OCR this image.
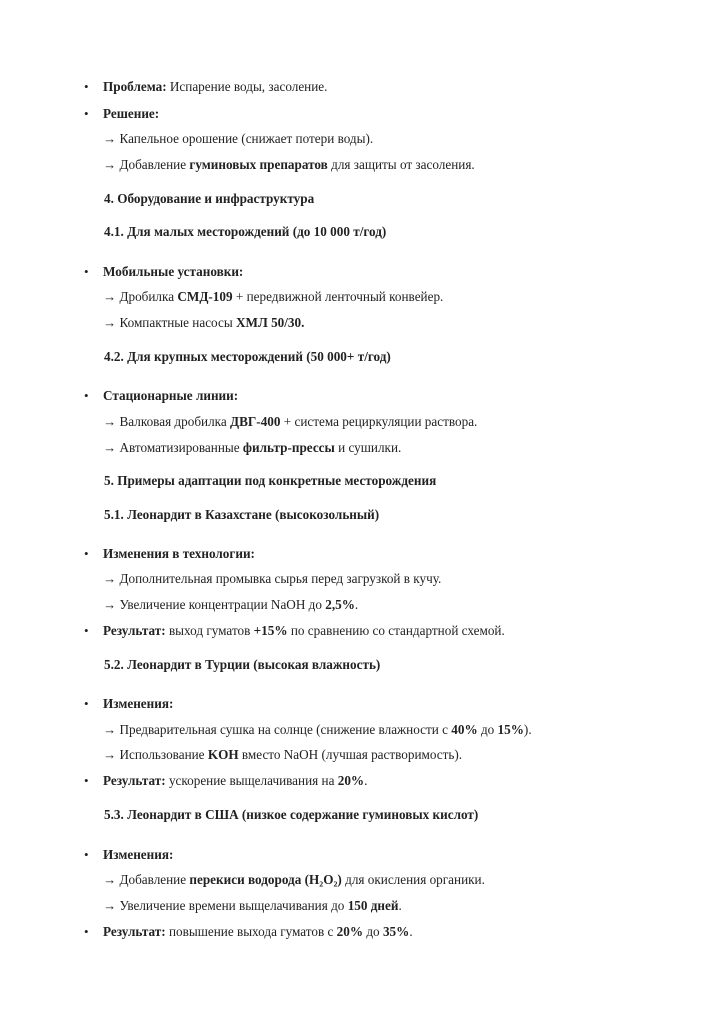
• Проблема: Испарение воды, засоление.
• Решение:
→ Капельное орошение (снижает потери воды).
→ Добавление гуминовых препаратов для защиты от засоления.
4. Оборудование и инфраструктура
4.1. Для малых месторождений (до 10 000 т/год)
• Мобильные установки:
→ Дробилка СМД-109 + передвижной ленточный конвейер.
→ Компактные насосы ХМЛ 50/30.
4.2. Для крупных месторождений (50 000+ т/год)
• Стационарные линии:
→ Валковая дробилка ДВГ-400 + система рециркуляции раствора.
→ Автоматизированные фильтр-прессы и сушилки.
5. Примеры адаптации под конкретные месторождения
5.1. Леонардит в Казахстане (высокозольный)
• Изменения в технологии:
→ Дополнительная промывка сырья перед загрузкой в кучу.
→ Увеличение концентрации NaOH до 2,5%.
• Результат: выход гуматов +15% по сравнению со стандартной схемой.
5.2. Леонардит в Турции (высокая влажность)
• Изменения:
→ Предварительная сушка на солнце (снижение влажности с 40% до 15%).
→ Использование KOH вместо NaOH (лучшая растворимость).
• Результат: ускорение выщелачивания на 20%.
5.3. Леонардит в США (низкое содержание гуминовых кислот)
• Изменения:
→ Добавление перекиси водорода (H₂O₂) для окисления органики.
→ Увеличение времени выщелачивания до 150 дней.
• Результат: повышение выхода гуматов с 20% до 35%.
